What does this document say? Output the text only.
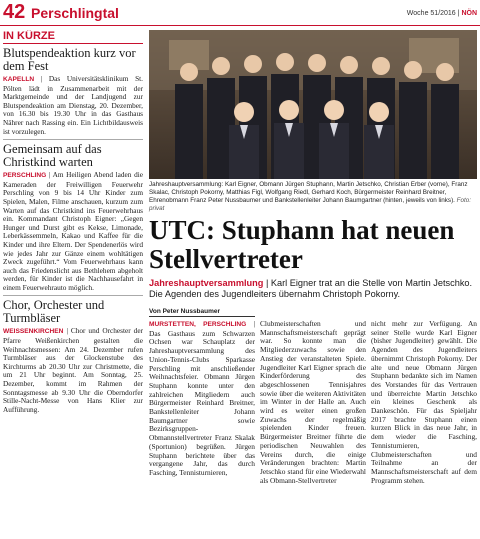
42 Perschlingtal	Woche 51/2016 | NÖN
IN KÜRZE
Blutspendeaktion kurz vor dem Fest

KAPELLN | Das Universitätsklinikum St. Pölten lädt in Zusammenarbeit mit der Marktgemeinde und der Landjugend zur Blutspendeaktion am Dienstag, 20. Dezember, von 16.30 bis 19.30 Uhr in das Gasthaus Nährer nach Rassing ein. Ein Lichtbildausweis ist vorzulegen.

Gemeinsam auf das Christkind warten

PERSCHLING | Am Heiligen Abend laden die Kameraden der Freiwilligen Feuerwehr Perschling von 9 bis 14 Uhr Kinder zum Spielen, Malen, Filme anschauen, kurzum zum Warten auf das Christkind ins Feuerwehrhaus ein. Kommandant Christoph Eigner: „Gegen Hunger und Durst gibt es Kekse, Limonade, Leberkässemmeln, Kakao und Kaffee für die Kinder und ihre Eltern. Der Spendenerlös wird wie jedes Jahr zur Gänze einem wohltätigen Zweck zugeführt.“ Vom Feuerwehrhaus kann auch das Friedenslicht aus Bethlehem abgeholt werden, für Kinder ist die Nachhausefahrt in einem Feuerwehrauto möglich.

Chor, Orchester und Turmbläser

WEISSENKIRCHEN | Chor und Orchester der Pfarre Weißenkirchen gestalten die Weihnachtsmessen: Am 24. Dezember rufen Turmbläser aus der Glockenstube des Kirchturms ab 20.30 Uhr zur Christmette, die um 21 Uhr beginnt. Am Sonntag, 25. Dezember, kommt im Rahmen der Sonntagsmesse ab 9.30 Uhr die Oberndorfer Stille-Nacht-Messe von Hans Klier zur Aufführung.

Jahreshauptversammlung: Karl Eigner, Obmann Jürgen Stuphann, Martin Jetschko, Christian Erber (vorne), Franz Skalac, Christoph Pokorny, Matthias Figl, Wolfgang Riedl, Gerhard Koch, Bürgermeister Reinhard Breitner, Ehrenobmann Franz Peter Nussbaumer und Bankstellenleiter Johann Baumgartner (hinten, jeweils von links). Foto: privat

UTC: Stuphann hat neuen Stellvertreter

Jahreshauptversammlung | Karl Eigner trat an die Stelle von Martin Jetschko. Die Agenden des Jugendleiters übernahm Christoph Pokorny.

Von Peter Nussbaumer
MURSTETTEN, PERSCHLING | Das Gasthaus zum Schwarzen Ochsen war Schauplatz der Jahreshauptversammlung des Union-Tennis-Clubs Sparkasse Perschling mit anschließender Weihnachtsfeier. Obmann Jürgen Stuphann konnte unter den zahlreichen Mitgliedern auch Bürgermeister Reinhard Breitner, Bankstellenleiter Johann Baumgartner sowie Bezirksgruppen-Obmannstellvertreter Franz Skalak (Sportunion) begrüßen. Jürgen Stuphann berichtete über das vergangene Jahr, das durch Fasching, Tennisturnieren,
Clubmeisterschaften und Mannschaftsmeisterschaft geprägt war. So konnte man die Mitgliederzuwachs sowie den Anstieg der veranstalteten Spiele. Jugendleiter Karl Eigner sprach die Kinderförderung des abgeschlossenen Tennisjahres sowie über die weiteren Aktivitäten im Winter in der Halle an. Auch wird es weiter einen großen Zuwachs der regelmäßig spielenden Kinder freuen. Bürgermeister Breitner führte die periodischen Neuwahlen des Vereins durch, die einige Veränderungen brachten: Martin Jetschko stand für eine Wiederwahl als Obmann-Stellvertreter
nicht mehr zur Verfügung. An seiner Stelle wurde Karl Eigner (bisher Jugendleiter) gewählt. Die Agenden des Jugendleiters übernimmt Christoph Pokorny. Der alte und neue Obmann Jürgen Stuphann bedankte sich im Namen des Vorstandes für das Vertrauen und überreichte Martin Jetschko ein kleines Geschenk als Dankeschön. Für das Spieljahr 2017 brachte Stuphann einen kurzen Blick in das neue Jahr, in dem wieder die Fasching, Tennisturnieren, Clubmeisterschaften und Teilnahme an der Mannschaftsmeisterschaft auf dem Programm stehen.
